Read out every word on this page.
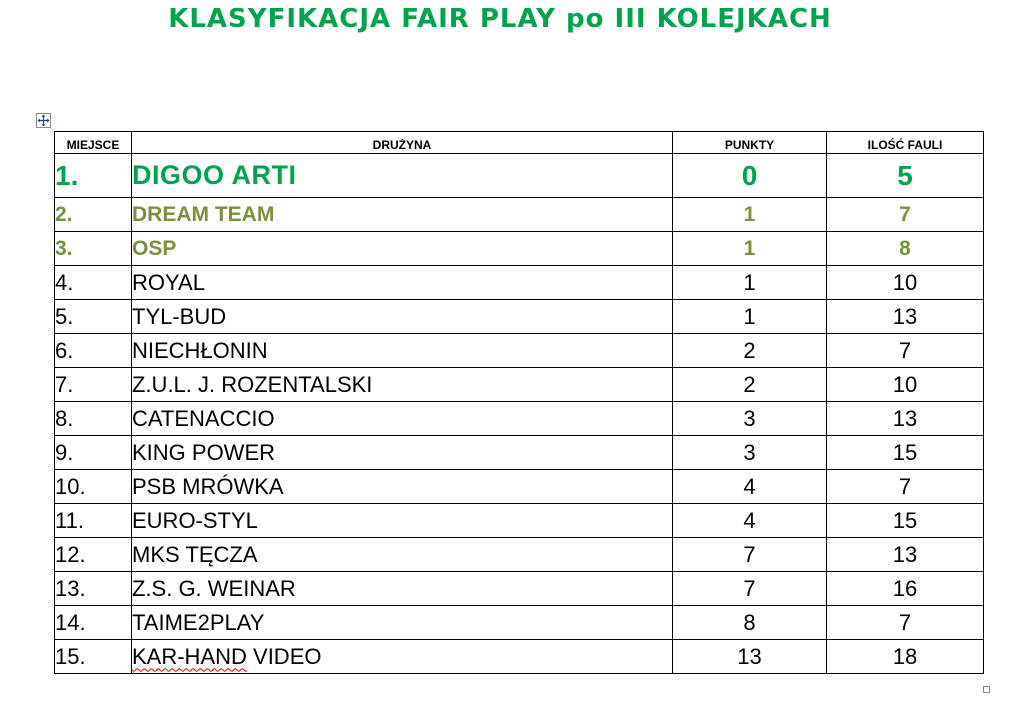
KLASYFIKACJA FAIR PLAY po III KOLEJKACH
MIEJSCE	DRUŻYNA	PUNKTY	ILOŚĆ FAULI
1.	DIGOO ARTI	0	5
2.	DREAM TEAM	1	7
3.	OSP	1	8
4.	ROYAL	1	10
5.	TYL-BUD	1	13
6.	NIECHŁONIN	2	7
7.	Z.U.L. J. ROZENTALSKI	2	10
8.	CATENACCIO	3	13
9.	KING POWER	3	15
10.	PSB MRÓWKA	4	7
11.	EURO-STYL	4	15
12.	MKS TĘCZA	7	13
13.	Z.S. G. WEINAR	7	16
14.	TAIME2PLAY	8	7
15.	KAR-HAND VIDEO	13	18
